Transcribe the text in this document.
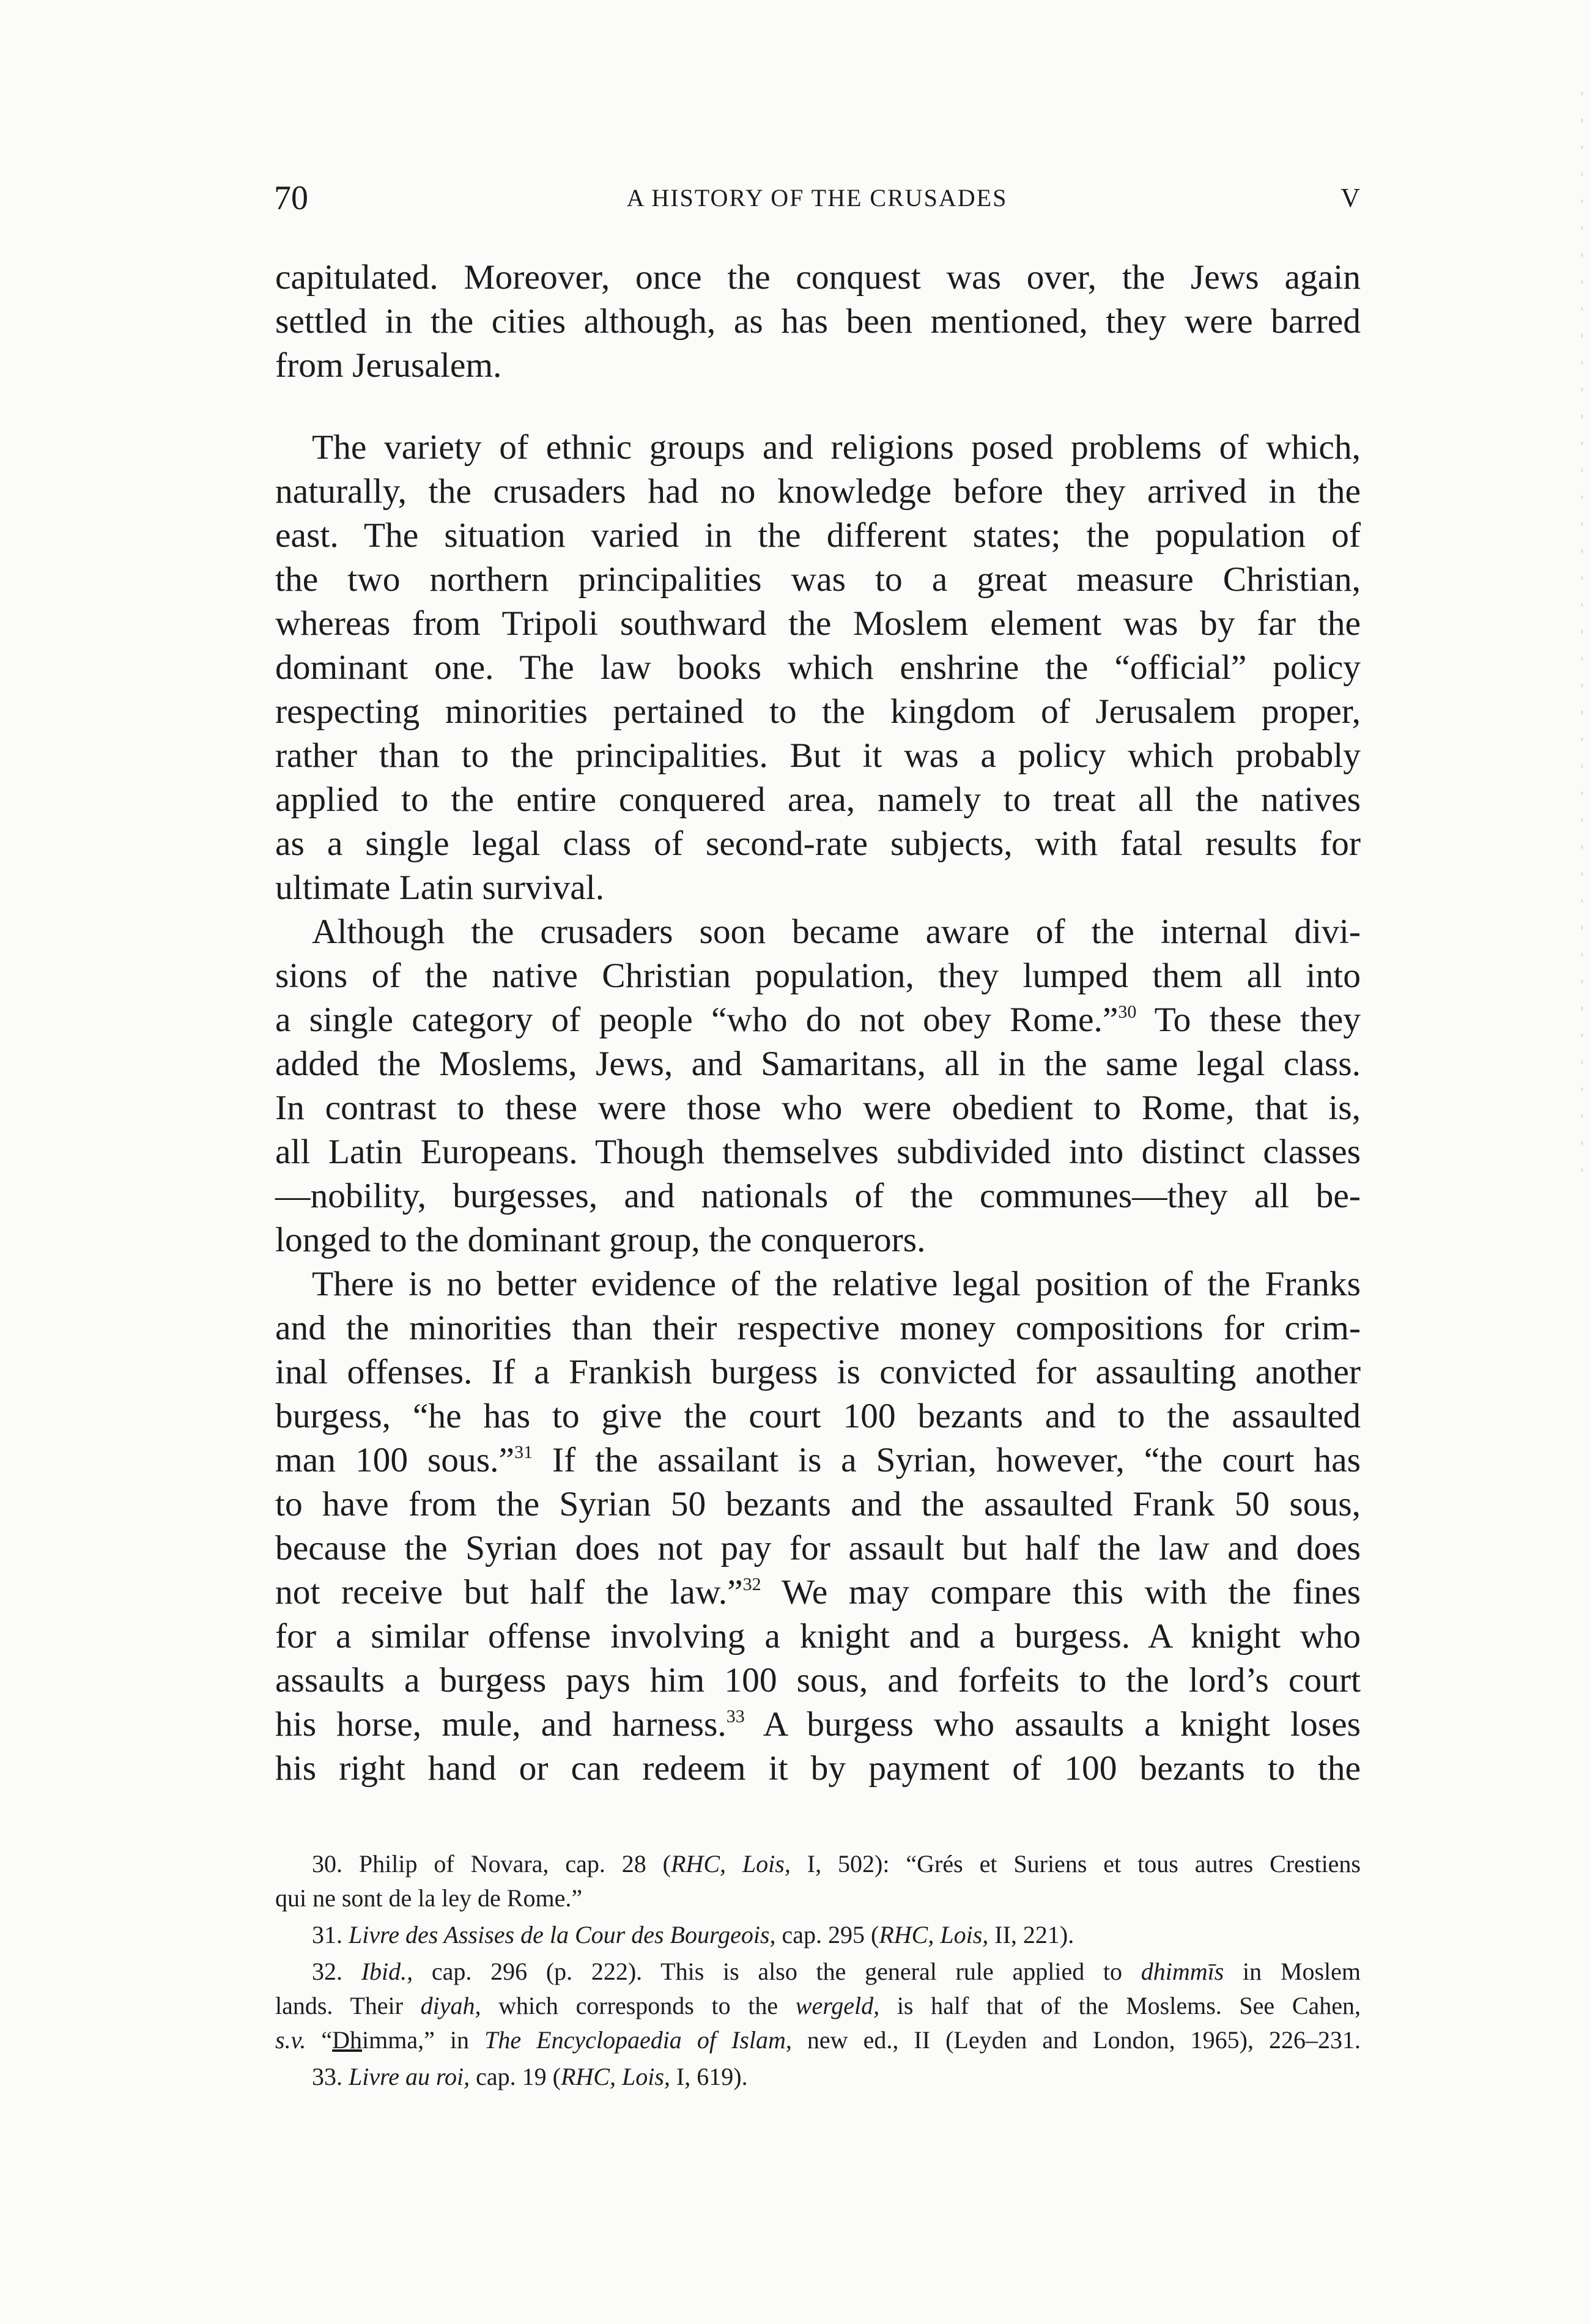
70	A HISTORY OF THE CRUSADES	V
capitulated. Moreover, once the conquest was over, the Jews again
settled in the cities although, as has been mentioned, they were barred
from Jerusalem.
The variety of ethnic groups and religions posed problems of which,
naturally, the crusaders had no knowledge before they arrived in the
east. The situation varied in the different states; the population of
the two northern principalities was to a great measure Christian,
whereas from Tripoli southward the Moslem element was by far the
dominant one. The law books which enshrine the “official” policy
respecting minorities pertained to the kingdom of Jerusalem proper,
rather than to the principalities. But it was a policy which probably
applied to the entire conquered area, namely to treat all the natives
as a single legal class of second-rate subjects, with fatal results for
ultimate Latin survival.
Although the crusaders soon became aware of the internal divi-
sions of the native Christian population, they lumped them all into
a single category of people “who do not obey Rome.”$^{30}$ To these they
added the Moslems, Jews, and Samaritans, all in the same legal class.
In contrast to these were those who were obedient to Rome, that is,
all Latin Europeans. Though themselves subdivided into distinct classes
—nobility, burgesses, and nationals of the communes—they all be-
longed to the dominant group, the conquerors.
There is no better evidence of the relative legal position of the Franks
and the minorities than their respective money compositions for crim-
inal offenses. If a Frankish burgess is convicted for assaulting another
burgess, “he has to give the court 100 bezants and to the assaulted
man 100 sous.”$^{31}$ If the assailant is a Syrian, however, “the court has
to have from the Syrian 50 bezants and the assaulted Frank 50 sous,
because the Syrian does not pay for assault but half the law and does
not receive but half the law.”$^{32}$ We may compare this with the fines
for a similar offense involving a knight and a burgess. A knight who
assaults a burgess pays him 100 sous, and forfeits to the lord’s court
his horse, mule, and harness.$^{33}$ A burgess who assaults a knight loses
his right hand or can redeem it by payment of 100 bezants to the
30. Philip of Novara, cap. 28 (RHC, Lois, I, 502): “Grés et Suriens et tous autres Crestiens
qui ne sont de la ley de Rome.”
31. Livre des Assises de la Cour des Bourgeois, cap. 295 (RHC, Lois, II, 221).
32. Ibid., cap. 296 (p. 222). This is also the general rule applied to dhimmīs in Moslem
lands. Their diyah, which corresponds to the wergeld, is half that of the Moslems. See Cahen,
s.v. “Dhimma,” in The Encyclopaedia of Islam, new ed., II (Leyden and London, 1965), 226–231.
33. Livre au roi, cap. 19 (RHC, Lois, I, 619).
